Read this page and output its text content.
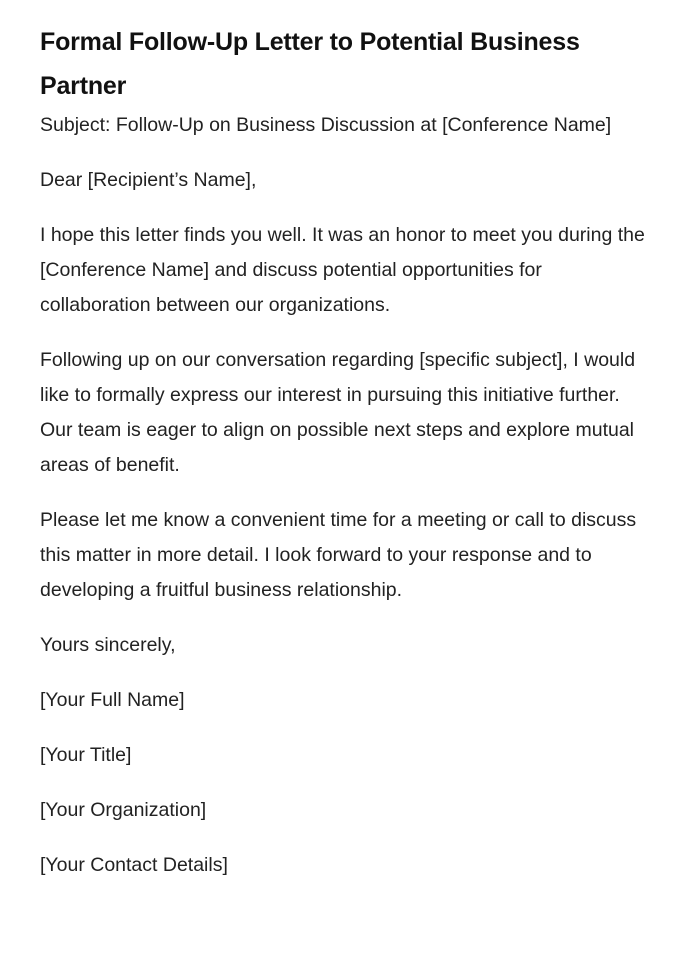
Formal Follow-Up Letter to Potential Business Partner

Subject: Follow-Up on Business Discussion at [Conference Name]

Dear [Recipient’s Name],

I hope this letter finds you well. It was an honor to meet you during the [Conference Name] and discuss potential opportunities for collaboration between our organizations.

Following up on our conversation regarding [specific subject], I would like to formally express our interest in pursuing this initiative further. Our team is eager to align on possible next steps and explore mutual areas of benefit.

Please let me know a convenient time for a meeting or call to discuss this matter in more detail. I look forward to your response and to developing a fruitful business relationship.

Yours sincerely,

[Your Full Name]

[Your Title]

[Your Organization]

[Your Contact Details]
